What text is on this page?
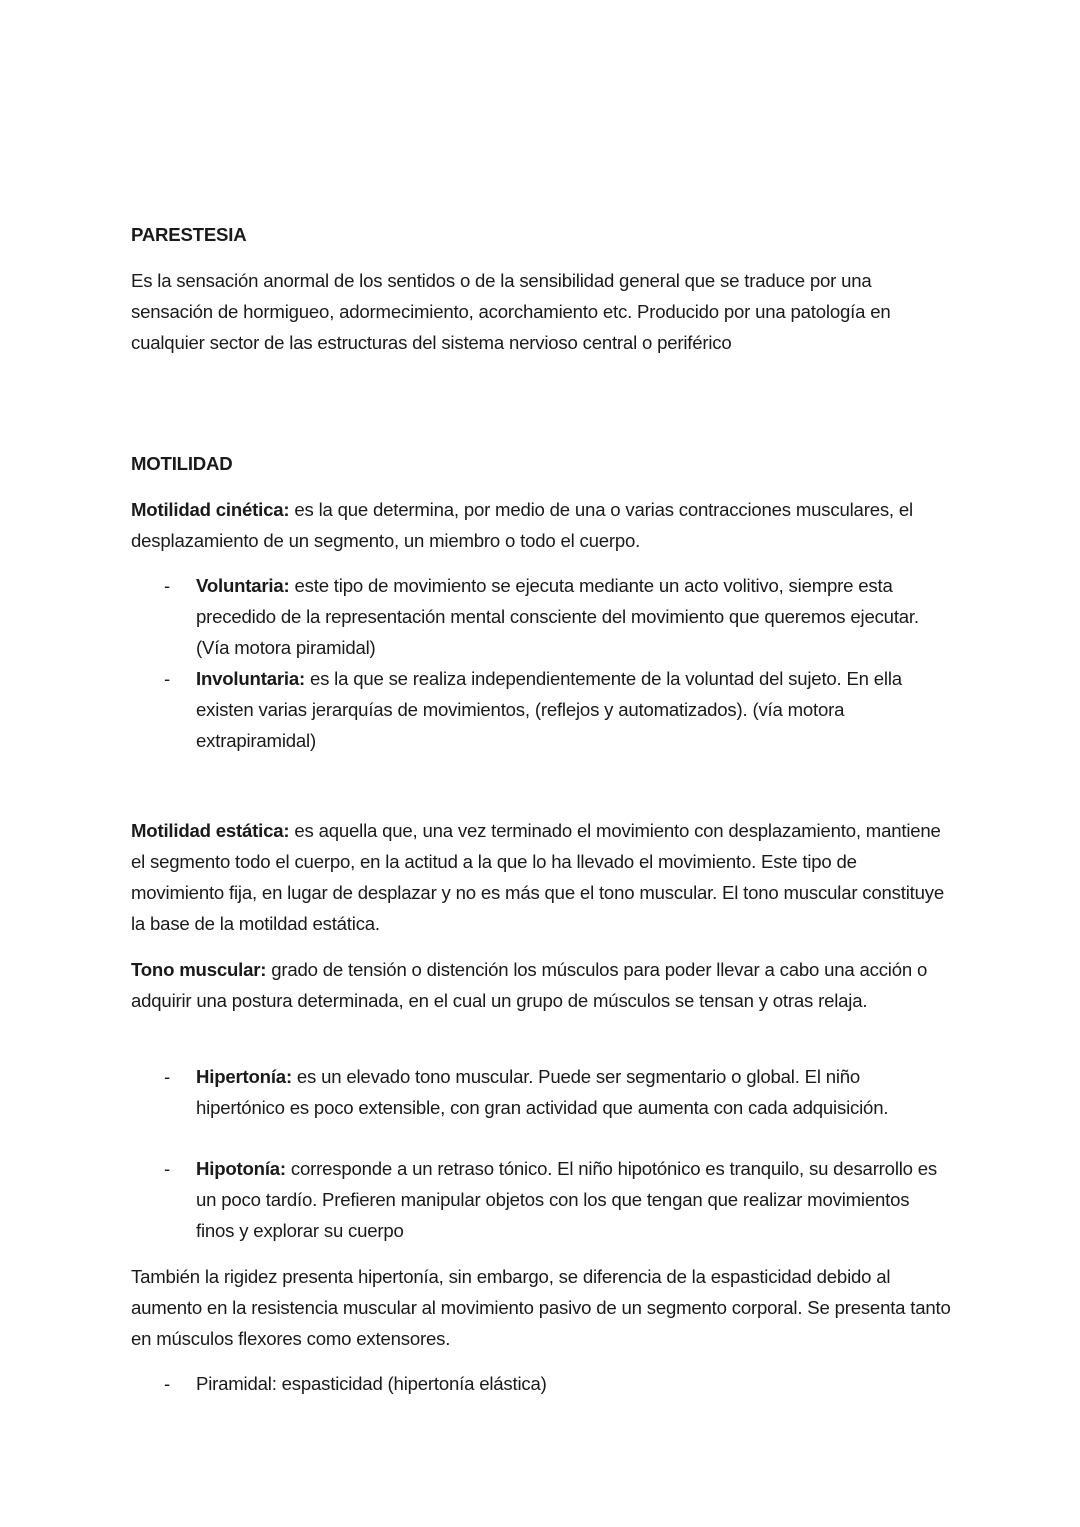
PARESTESIA
Es la sensación anormal de los sentidos o de la sensibilidad general que se traduce por una sensación de hormigueo, adormecimiento, acorchamiento etc. Producido por una patología en cualquier sector de las estructuras del sistema nervioso central o periférico
MOTILIDAD
Motilidad cinética: es la que determina, por medio de una o varias contracciones musculares, el desplazamiento de un segmento, un miembro o todo el cuerpo.
- Voluntaria: este tipo de movimiento se ejecuta mediante un acto volitivo, siempre esta precedido de la representación mental consciente del movimiento que queremos ejecutar. (Vía motora piramidal)
- Involuntaria: es la que se realiza independientemente de la voluntad del sujeto. En ella existen varias jerarquías de movimientos, (reflejos y automatizados). (vía motora extrapiramidal)
Motilidad estática: es aquella que, una vez terminado el movimiento con desplazamiento, mantiene el segmento todo el cuerpo, en la actitud a la que lo ha llevado el movimiento. Este tipo de movimiento fija, en lugar de desplazar y no es más que el tono muscular. El tono muscular constituye la base de la motildad estática.
Tono muscular: grado de tensión o distención los músculos para poder llevar a cabo una acción o adquirir una postura determinada, en el cual un grupo de músculos se tensan y otras relaja.
- Hipertonía: es un elevado tono muscular. Puede ser segmentario o global. El niño hipertónico es poco extensible, con gran actividad que aumenta con cada adquisición.
- Hipotonía: corresponde a un retraso tónico. El niño hipotónico es tranquilo, su desarrollo es un poco tardío. Prefieren manipular objetos con los que tengan que realizar movimientos finos y explorar su cuerpo
También la rigidez presenta hipertonía, sin embargo, se diferencia de la espasticidad debido al aumento en la resistencia muscular al movimiento pasivo de un segmento corporal. Se presenta tanto en músculos flexores como extensores.
- Piramidal: espasticidad (hipertonía elástica)
